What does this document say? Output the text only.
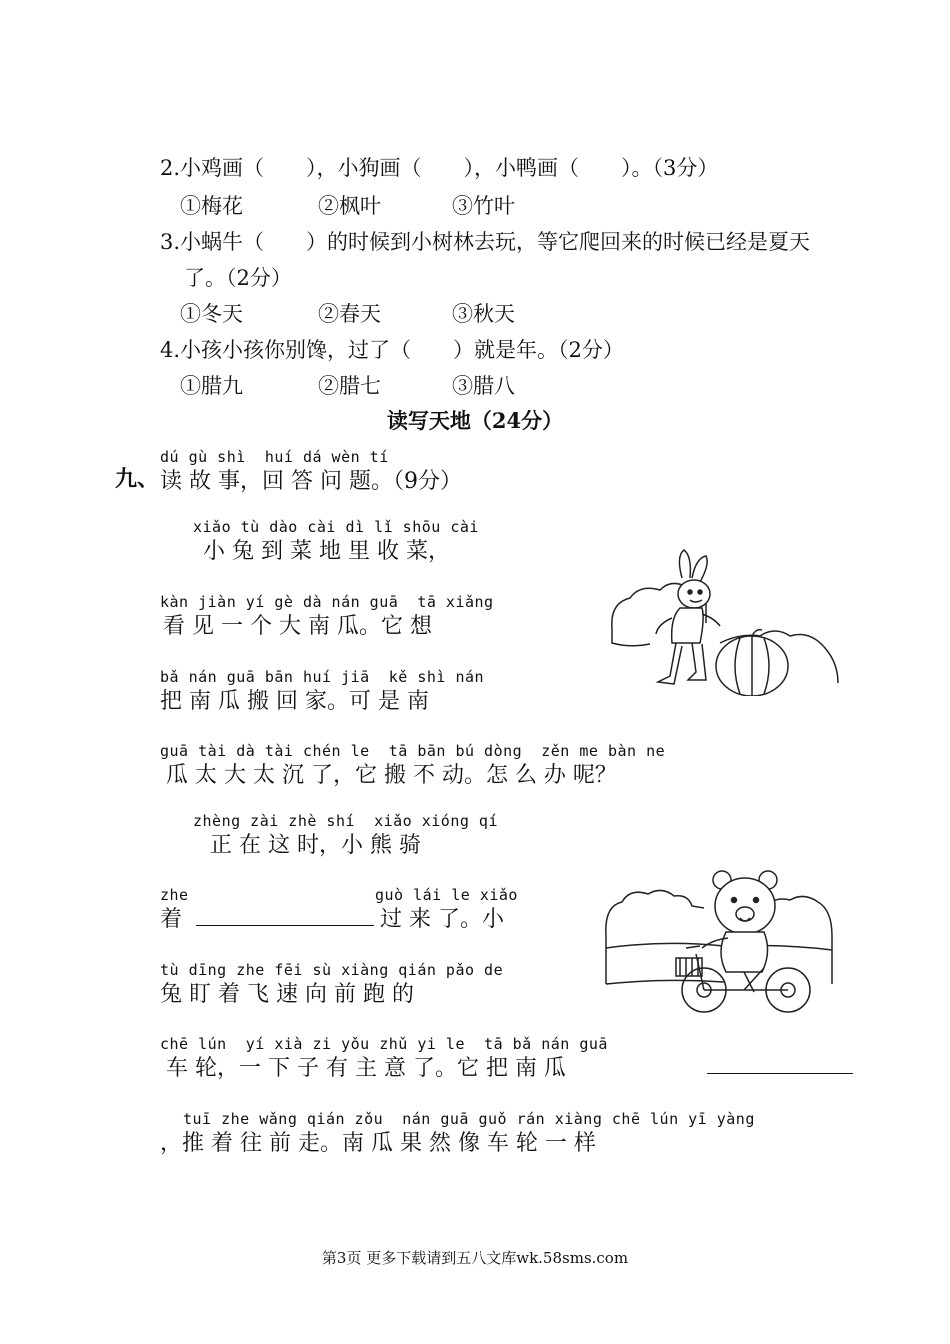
2.小鸡画（　　），小狗画（　　），小鸭画（　　）。（3分）
①梅花	②枫叶	③竹叶
3.小蜗牛（　　）的时候到小树林去玩，等它爬回来的时候已经是夏天
了。（2分）
①冬天	②春天	③秋天
4.小孩小孩你别馋，过了（　　）就是年。（2分）
①腊九	②腊七	③腊八
读写天地（24分）
九、
dú gù shì  huí dá wèn tí
读 故 事，回 答 问 题。（9分）
xiǎo tù dào cài dì lǐ shōu cài
小 兔 到 菜 地 里 收 菜，
kàn jiàn yí gè dà nán guā  tā xiǎng
看 见 一 个 大 南 瓜。它 想
bǎ nán guā bān huí jiā  kě shì nán
把 南 瓜 搬 回 家。可 是 南
guā tài dà tài chén le  tā bān bú dòng  zěn me bàn ne
瓜 太 大 太 沉 了，它 搬 不 动。怎 么 办 呢？
zhèng zài zhè shí  xiǎo xióng qí
正 在 这 时，小 熊 骑
zhe	guò lái le xiǎo
着	过 来 了。小
tù dīng zhe fēi sù xiàng qián pǎo de
兔 盯 着 飞 速 向 前 跑 的
chē lún  yí xià zi yǒu zhǔ yi le  tā bǎ nán guā
车 轮，一 下 子 有 主 意 了。它 把 南 瓜
tuī zhe wǎng qián zǒu  nán guā guǒ rán xiàng chē lún yī yàng
，推 着 往 前 走。南 瓜 果 然 像 车 轮 一 样
第3页 更多下载请到五八文库wk.58sms.com
